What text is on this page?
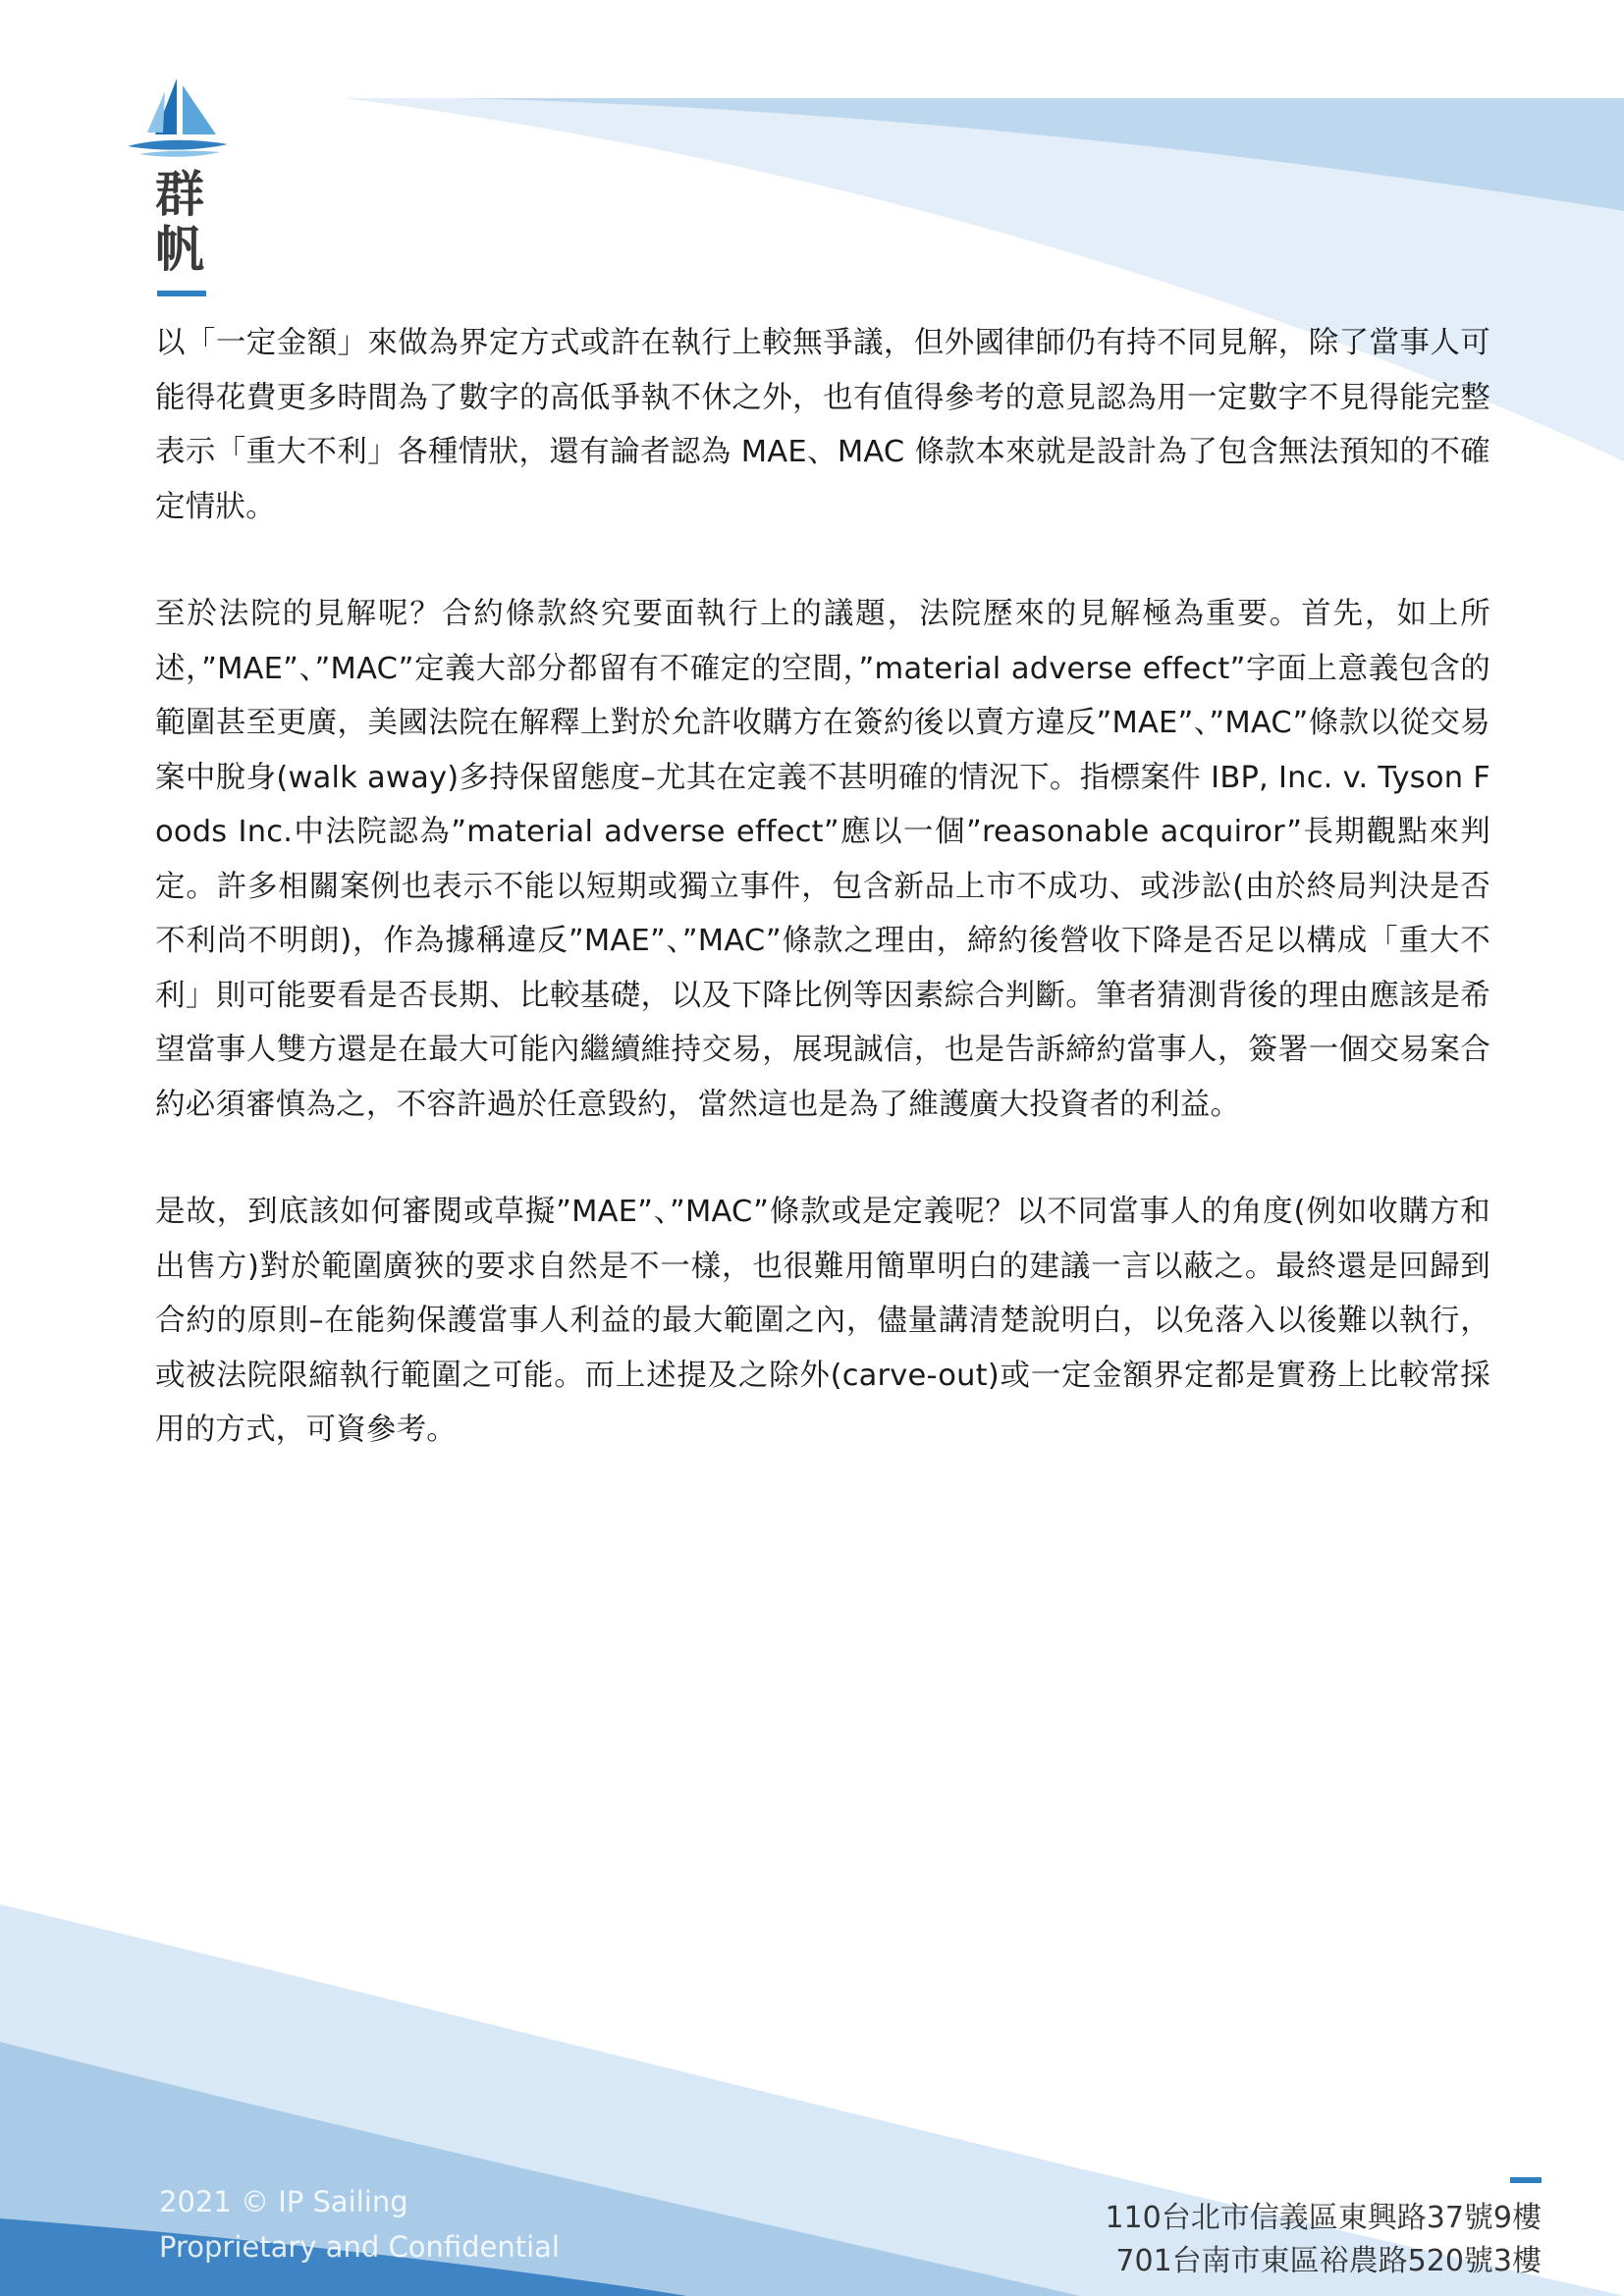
群
帆

以「一定金額」來做為界定方式或許在執行上較無爭議，但外國律師仍有持不同見解，除了當事人可能得花費更多時間為了數字的高低爭執不休之外，也有值得參考的意見認為用一定數字不見得能完整表示「重大不利」各種情狀，還有論者認為 MAE、MAC 條款本來就是設計為了包含無法預知的不確定情狀。

至於法院的見解呢？合約條款終究要面執行上的議題，法院歷來的見解極為重要。首先，如上所述，”MAE”、”MAC”定義大部分都留有不確定的空間，”material adverse effect”字面上意義包含的範圍甚至更廣，美國法院在解釋上對於允許收購方在簽約後以賣方違反”MAE”、”MAC”條款以從交易案中脫身(walk away)多持保留態度–尤其在定義不甚明確的情況下。指標案件 IBP, Inc. v. Tyson Foods Inc.中法院認為”material adverse effect”應以一個”reasonable acquiror”長期觀點來判定。許多相關案例也表示不能以短期或獨立事件，包含新品上市不成功、或涉訟(由於終局判決是否不利尚不明朗)，作為據稱違反”MAE”、”MAC”條款之理由，締約後營收下降是否足以構成「重大不利」則可能要看是否長期、比較基礎，以及下降比例等因素綜合判斷。筆者猜測背後的理由應該是希望當事人雙方還是在最大可能內繼續維持交易，展現誠信，也是告訴締約當事人，簽署一個交易案合約必須審慎為之，不容許過於任意毀約，當然這也是為了維護廣大投資者的利益。

是故，到底該如何審閱或草擬”MAE”、”MAC”條款或是定義呢？以不同當事人的角度(例如收購方和出售方)對於範圍廣狹的要求自然是不一樣，也很難用簡單明白的建議一言以蔽之。最終還是回歸到合約的原則–在能夠保護當事人利益的最大範圍之內，儘量講清楚說明白，以免落入以後難以執行，或被法院限縮執行範圍之可能。而上述提及之除外(carve-out)或一定金額界定都是實務上比較常採用的方式，可資參考。

2021 © IP Sailing
Proprietary and Confidential
110台北市信義區東興路37號9樓
701台南市東區裕農路520號3樓
